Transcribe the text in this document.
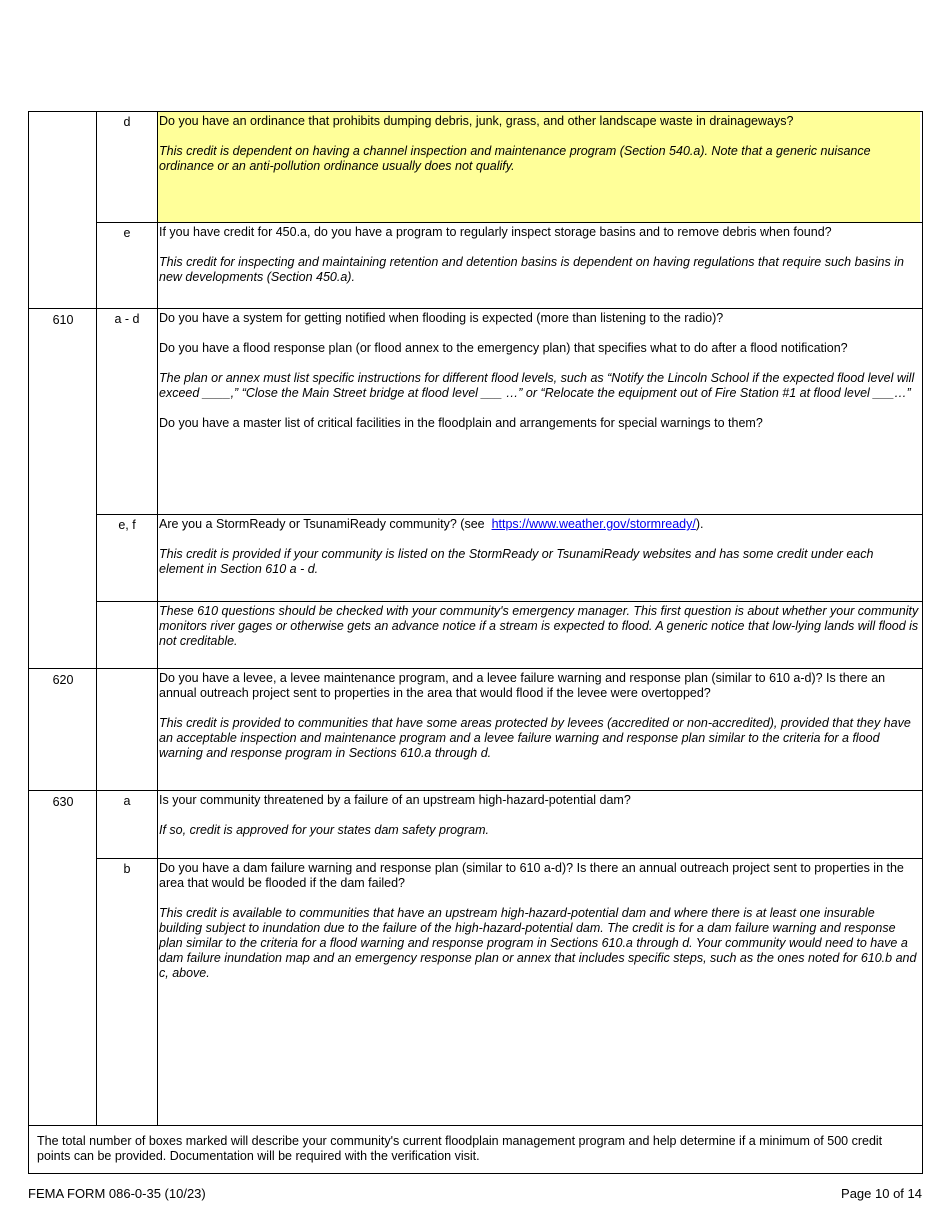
d	Do you have an ordinance that prohibits dumping debris, junk, grass, and other landscape waste in drainageways?

This credit is dependent on having a channel inspection and maintenance program (Section 540.a). Note that a generic nuisance ordinance or an anti-pollution ordinance usually does not qualify.

e	If you have credit for 450.a, do you have a program to regularly inspect storage basins and to remove debris when found?

This credit for inspecting and maintaining retention and detention basins is dependent on having regulations that require such basins in new developments (Section 450.a).

610	a - d	Do you have a system for getting notified when flooding is expected (more than listening to the radio)?

Do you have a flood response plan (or flood annex to the emergency plan) that specifies what to do after a flood notification?

The plan or annex must list specific instructions for different flood levels, such as “Notify the Lincoln School if the expected flood level will exceed ____,” “Close the Main Street bridge at flood level ___ …” or “Relocate the equipment out of Fire Station #1 at flood level ___…”

Do you have a master list of critical facilities in the floodplain and arrangements for special warnings to them?

e, f	Are you a StormReady or TsunamiReady community? (see https://www.weather.gov/stormready/).

This credit is provided if your community is listed on the StormReady or TsunamiReady websites and has some credit under each element in Section 610 a - d.

These 610 questions should be checked with your community's emergency manager. This first question is about whether your community monitors river gages or otherwise gets an advance notice if a stream is expected to flood. A generic notice that low-lying lands will flood is not creditable.

620	Do you have a levee, a levee maintenance program, and a levee failure warning and response plan (similar to 610 a-d)? Is there an annual outreach project sent to properties in the area that would flood if the levee were overtopped?

This credit is provided to communities that have some areas protected by levees (accredited or non-accredited), provided that they have an acceptable inspection and maintenance program and a levee failure warning and response plan similar to the criteria for a flood warning and response program in Sections 610.a through d.

630	a	Is your community threatened by a failure of an upstream high-hazard-potential dam?

If so, credit is approved for your states dam safety program.

b	Do you have a dam failure warning and response plan (similar to 610 a-d)? Is there an annual outreach project sent to properties in the area that would be flooded if the dam failed?

This credit is available to communities that have an upstream high-hazard-potential dam and where there is at least one insurable building subject to inundation due to the failure of the high-hazard-potential dam. The credit is for a dam failure warning and response plan similar to the criteria for a flood warning and response program in Sections 610.a through d. Your community would need to have a dam failure inundation map and an emergency response plan or annex that includes specific steps, such as the ones noted for 610.b and c, above.

The total number of boxes marked will describe your community's current floodplain management program and help determine if a minimum of 500 credit points can be provided. Documentation will be required with the verification visit.
FEMA FORM 086-0-35 (10/23)	Page 10 of 14
